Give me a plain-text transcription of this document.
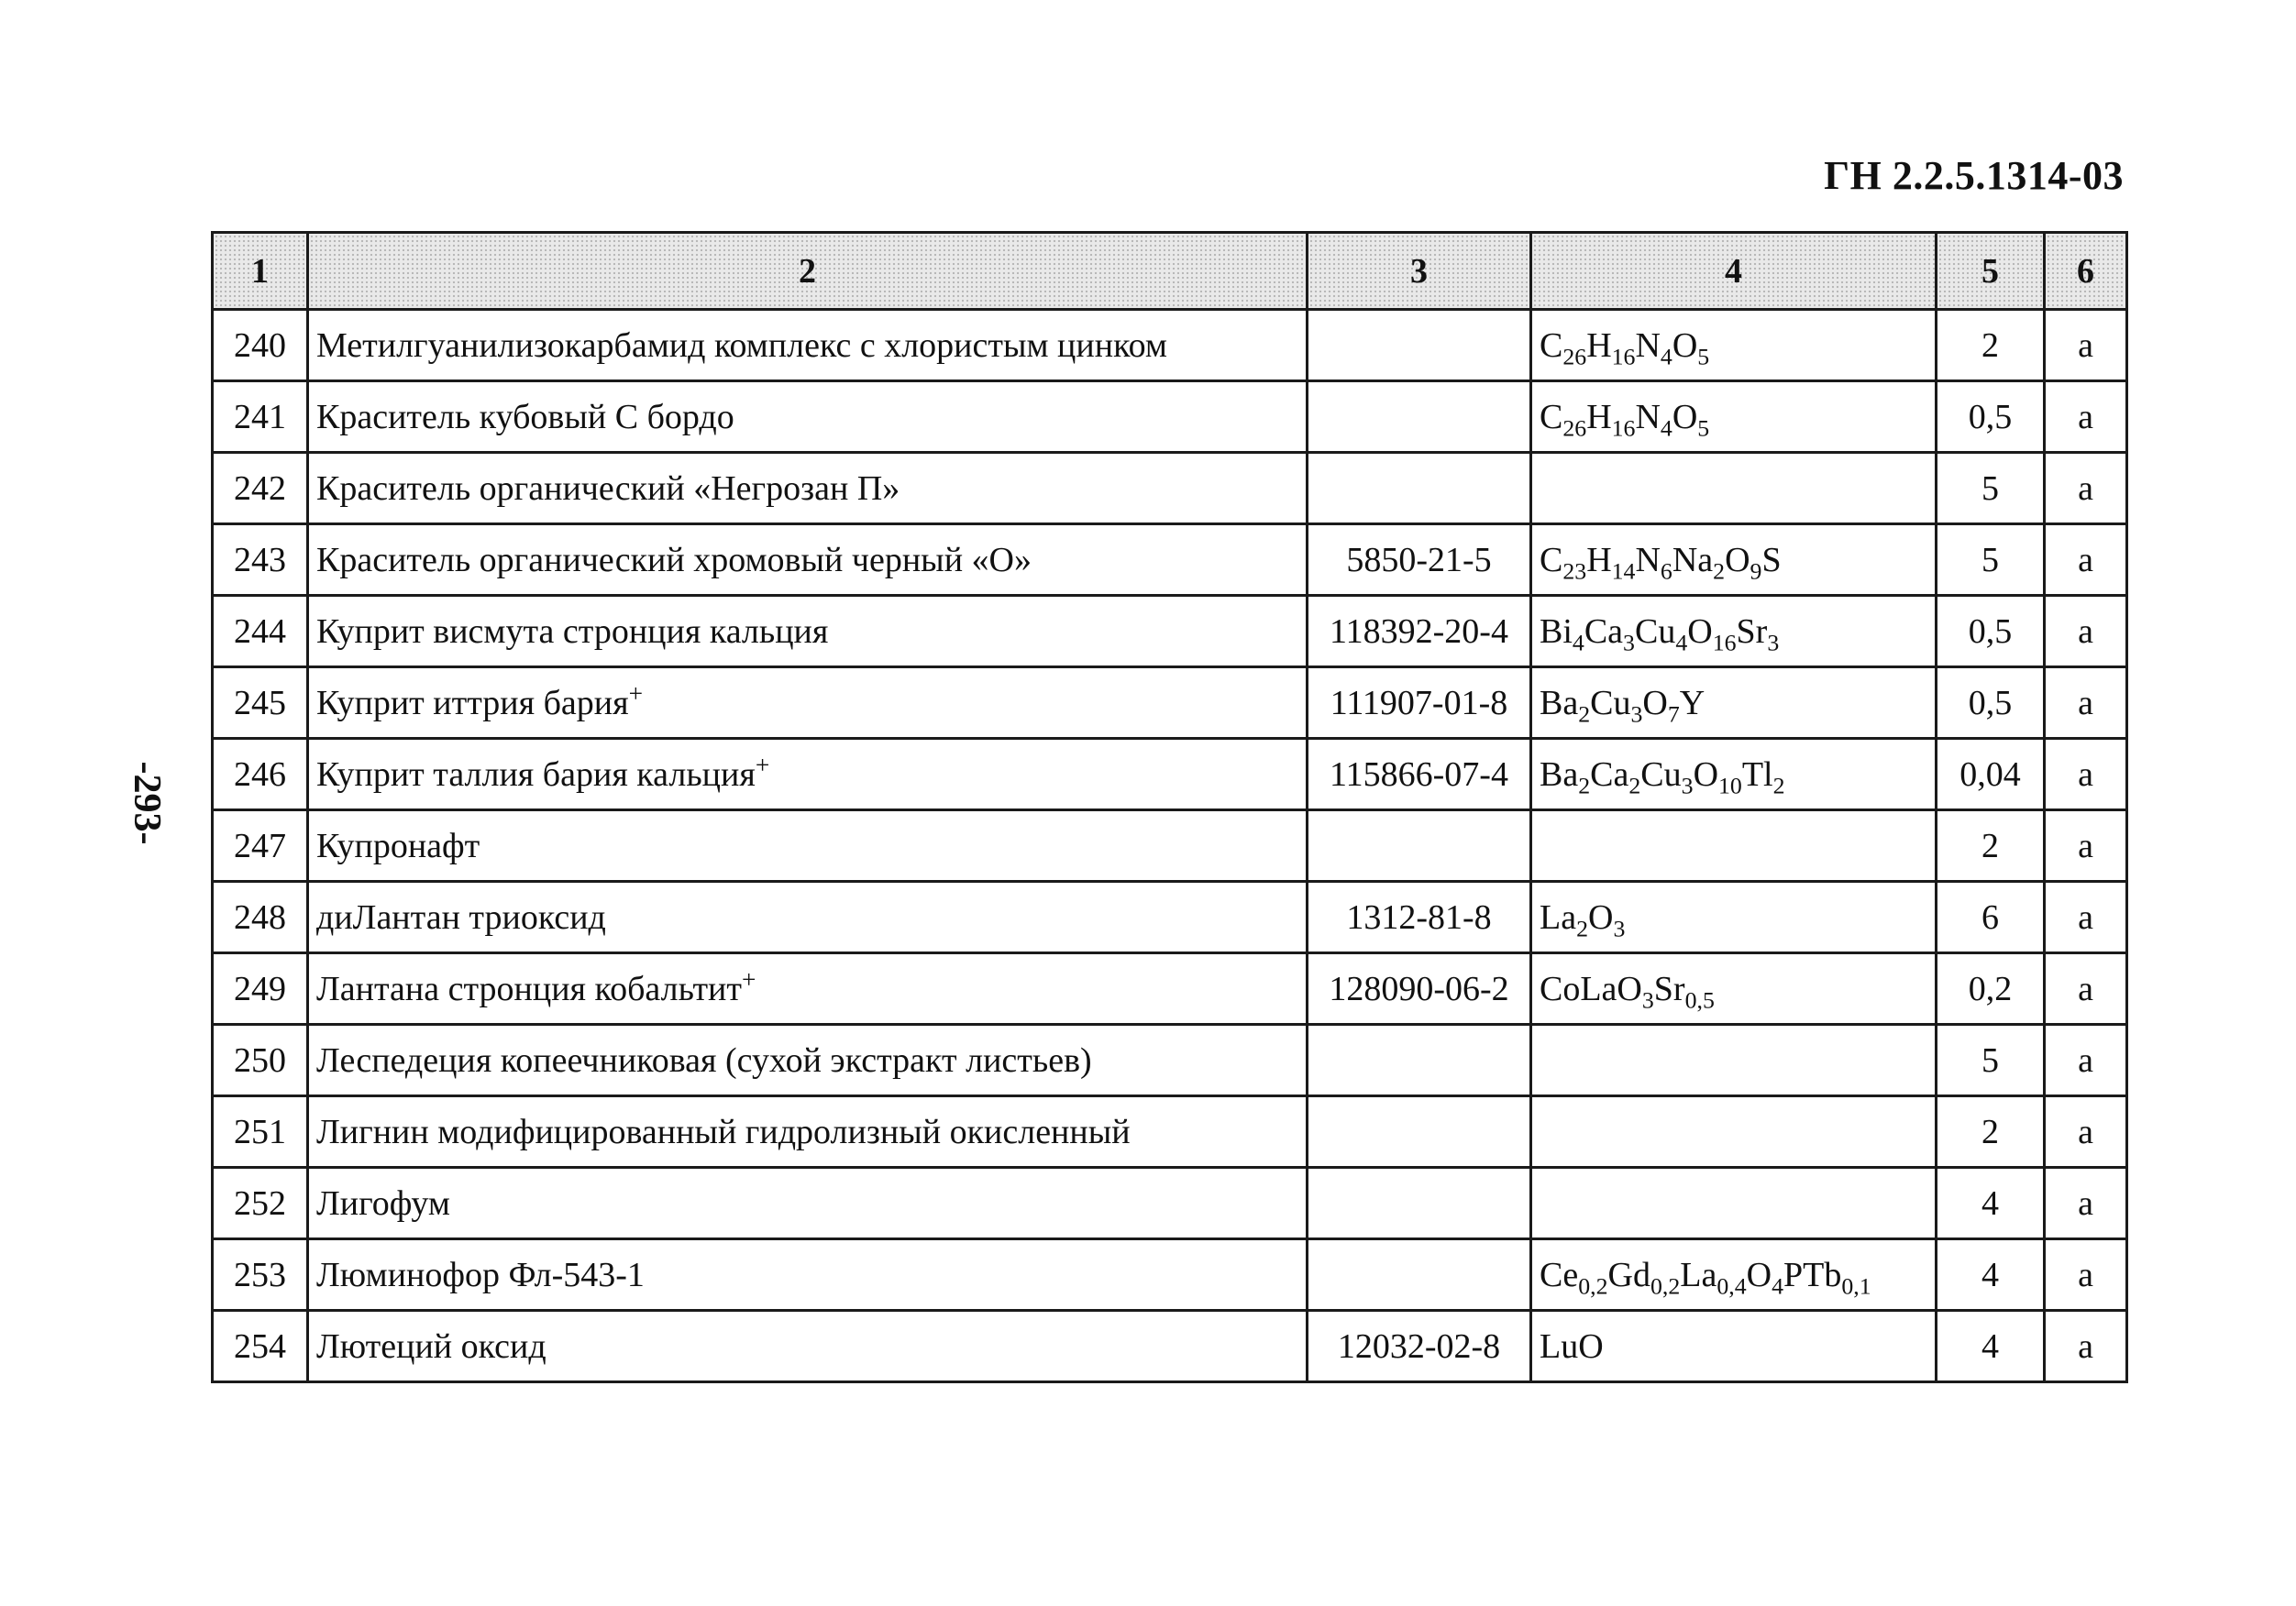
ГН 2.2.5.1314-03
-293-
1	2	3	4	5	6
240	Метилгуанилизокарбамид комплекс с хлористым цинком		$C_{26}H_{16}N_4O_5$	2	а
241	Краситель кубовый С бордо		$C_{26}H_{16}N_4O_5$	0,5	а
242	Краситель органический «Негрозан П»			5	а
243	Краситель органический хромовый черный «О»	5850-21-5	$C_{23}H_{14}N_6Na_2O_9S$	5	а
244	Куприт висмута стронция кальция	118392-20-4	$Bi_4Ca_3Cu_4O_{16}Sr_3$	0,5	а
245	Куприт иттрия бария+	111907-01-8	$Ba_2Cu_3O_7Y$	0,5	а
246	Куприт таллия бария кальция+	115866-07-4	$Ba_2Ca_2Cu_3O_{10}Tl_2$	0,04	а
247	Купронафт			2	а
248	диЛантан триоксид	1312-81-8	$La_2O_3$	6	а
249	Лантана стронция кобальтит+	128090-06-2	$CoLaO_3Sr_{0,5}$	0,2	а
250	Леспедеция копеечниковая (сухой экстракт листьев)			5	а
251	Лигнин модифицированный гидролизный окисленный			2	а
252	Лигофум			4	а
253	Люминофор Фл-543-1		$Ce_{0,2}Gd_{0,2}La_{0,4}O_4PTb_{0,1}$	4	а
254	Лютеций оксид	12032-02-8	LuO	4	а
